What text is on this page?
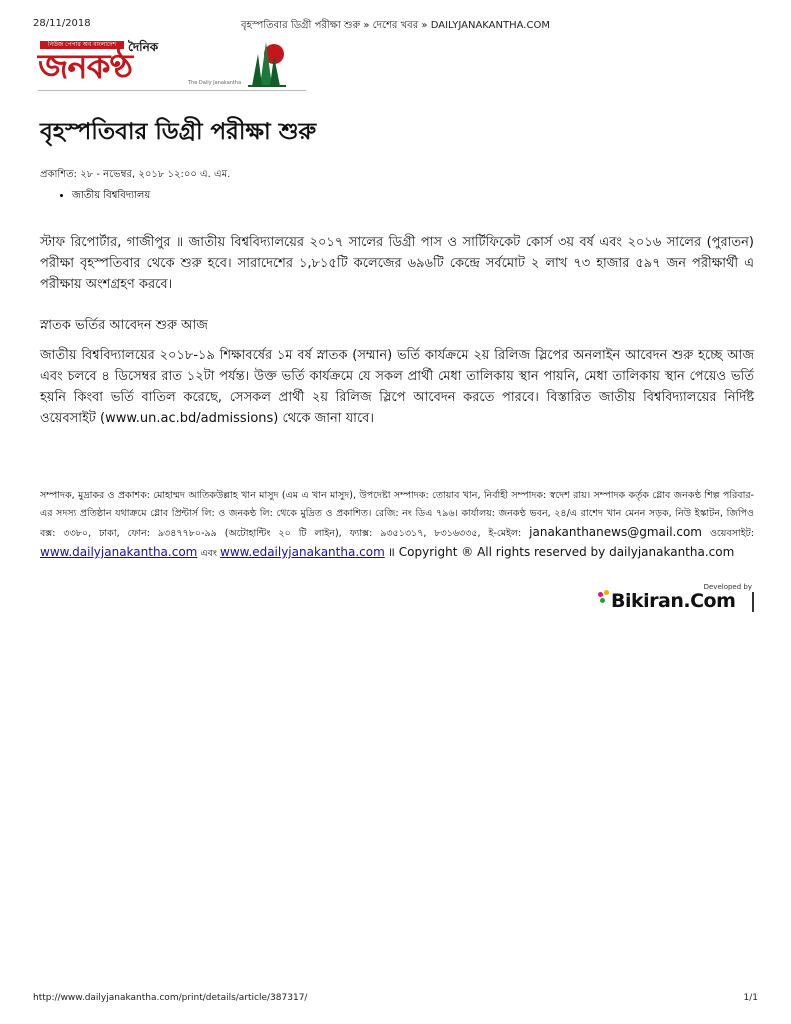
28/11/2018	বৃহস্পতিবার ডিগ্রী পরীক্ষা শুরু » দেশের খবর » DAILYJANAKANTHA.COM
নিউজ পেপার অব বাংলাদেশ দৈনিক
জনকণ্ঠ	The Daily Janakantha
বৃহস্পতিবার ডিগ্রী পরীক্ষা শুরু
প্রকাশিত: ২৮ - নভেম্বর, ২০১৮ ১২:০০ এ. এম.
• জাতীয় বিশ্ববিদ্যালয়

স্টাফ রিপোর্টার, গাজীপুর ॥ জাতীয় বিশ্ববিদ্যালয়ের ২০১৭ সালের ডিগ্রী পাস ও সার্টিফিকেট কোর্স ৩য় বর্ষ এবং ২০১৬ সালের (পুরাতন) পরীক্ষা বৃহস্পতিবার থেকে শুরু হবে। সারাদেশের ১,৮১৫টি কলেজের ৬৯৬টি কেন্দ্রে সর্বমোট ২ লাখ ৭৩ হাজার ৫৯৭ জন পরীক্ষার্থী এ পরীক্ষায় অংশগ্রহণ করবে।

স্নাতক ভর্তির আবেদন শুরু আজ

জাতীয় বিশ্ববিদ্যালয়ের ২০১৮-১৯ শিক্ষাবর্ষের ১ম বর্ষ স্নাতক (সম্মান) ভর্তি কার্যক্রমে ২য় রিলিজ স্লিপের অনলাইন আবেদন শুরু হচ্ছে আজ এবং চলবে ৪ ডিসেম্বর রাত ১২টা পর্যন্ত। উক্ত ভর্তি কার্যক্রমে যে সকল প্রার্থী মেধা তালিকায় স্থান পায়নি, মেধা তালিকায় স্থান পেয়েও ভর্তি হয়নি কিংবা ভর্তি বাতিল করেছে, সেসকল প্রার্থী ২য় রিলিজ স্লিপে আবেদন করতে পারবে। বিস্তারিত জাতীয় বিশ্ববিদ্যালয়ের নির্দিষ্ট ওয়েবসাইট (www.un.ac.bd/admissions) থেকে জানা যাবে।

সম্পাদক, মুদ্রাকর ও প্রকাশক: মোহাম্মদ আতিকউল্লাহ খান মাসুদ (এম এ খান মাসুদ), উপদেষ্টা সম্পাদক: তোয়াব খান, নির্বাহী সম্পাদক: স্বদেশ রায়। সম্পাদক কর্তৃক গ্লোব জনকণ্ঠ শিল্প পরিবার-এর সদস্য প্রতিষ্ঠান যথাক্রমে গ্লোব প্রিন্টার্স লি: ও জনকণ্ঠ লি: থেকে মুদ্রিত ও প্রকাশিত। রেজি: নং ডিএ ৭৯৬। কার্যালয়: জনকণ্ঠ ভবন, ২৪/এ রাশেদ খান মেনন সড়ক, নিউ ইস্কাটন, জিপিও বক্স: ৩৩৮০, ঢাকা, ফোন: ৯৩৪৭৭৮০-৯৯ (অটোহান্টিং ২০ টি লাইন), ফ্যাক্স: ৯৩৫১৩১৭, ৮৩১৬৩৩৫, ই-মেইল: janakanthanews@gmail.com ওয়েবসাইট: www.dailyjanakantha.com এবং www.edailyjanakantha.com ॥ Copyright ® All rights reserved by dailyjanakantha.com
Developed by
Bikiran.Com
http://www.dailyjanakantha.com/print/details/article/387317/	1/1
